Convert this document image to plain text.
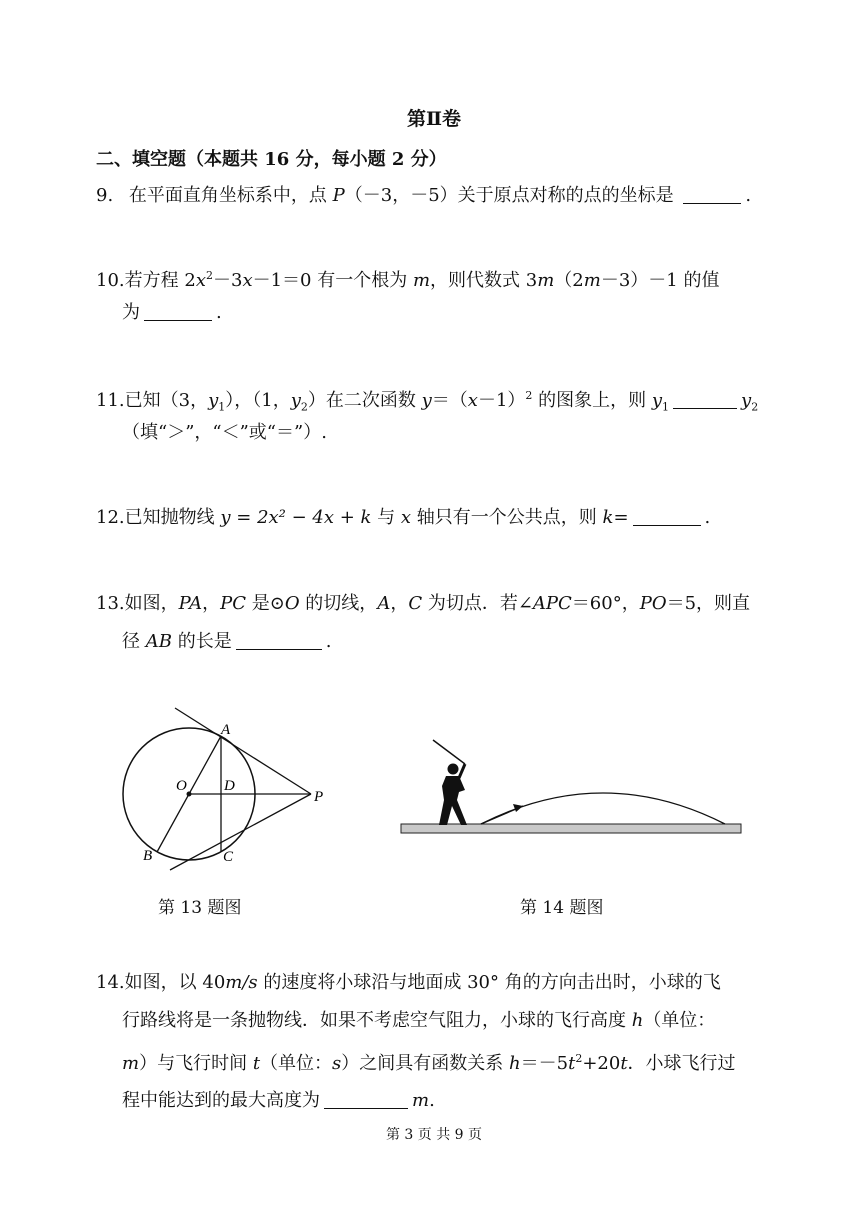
第Ⅱ卷
二、填空题（本题共 16 分，每小题 2 分）
9. 在平面直角坐标系中，点 P（－3，－5）关于原点对称的点的坐标是	.
10.若方程 $2x^2-3x-1=0$ 有一个根为 m，则代数式 3m（2m－3）－1 的值
为	.
11.已知（3，$y_1$），（1，$y_2$）在二次函数 $y=(x-1)^2$ 的图象上，则 $y_1$	$y_2$
（填“＞”，“＜”或“＝”）.
12.已知抛物线 y = 2x² − 4x + k 与 x 轴只有一个公共点，则 k=	.
13.如图，PA，PC 是⊙O 的切线，A，C 为切点．若∠APC＝60°，PO＝5，则直
径 AB 的长是	.
A
O D
P
B	C
第 13 题图	第 14 题图
14.如图，以 40m/s 的速度将小球沿与地面成 30° 角的方向击出时，小球的飞
行路线将是一条抛物线．如果不考虑空气阻力，小球的飞行高度 h（单位：
m）与飞行时间 t（单位：s）之间具有函数关系 $h=-5t^2+20t$．小球飞行过
程中能达到的最大高度为	m.
第 3 页 共 9 页
